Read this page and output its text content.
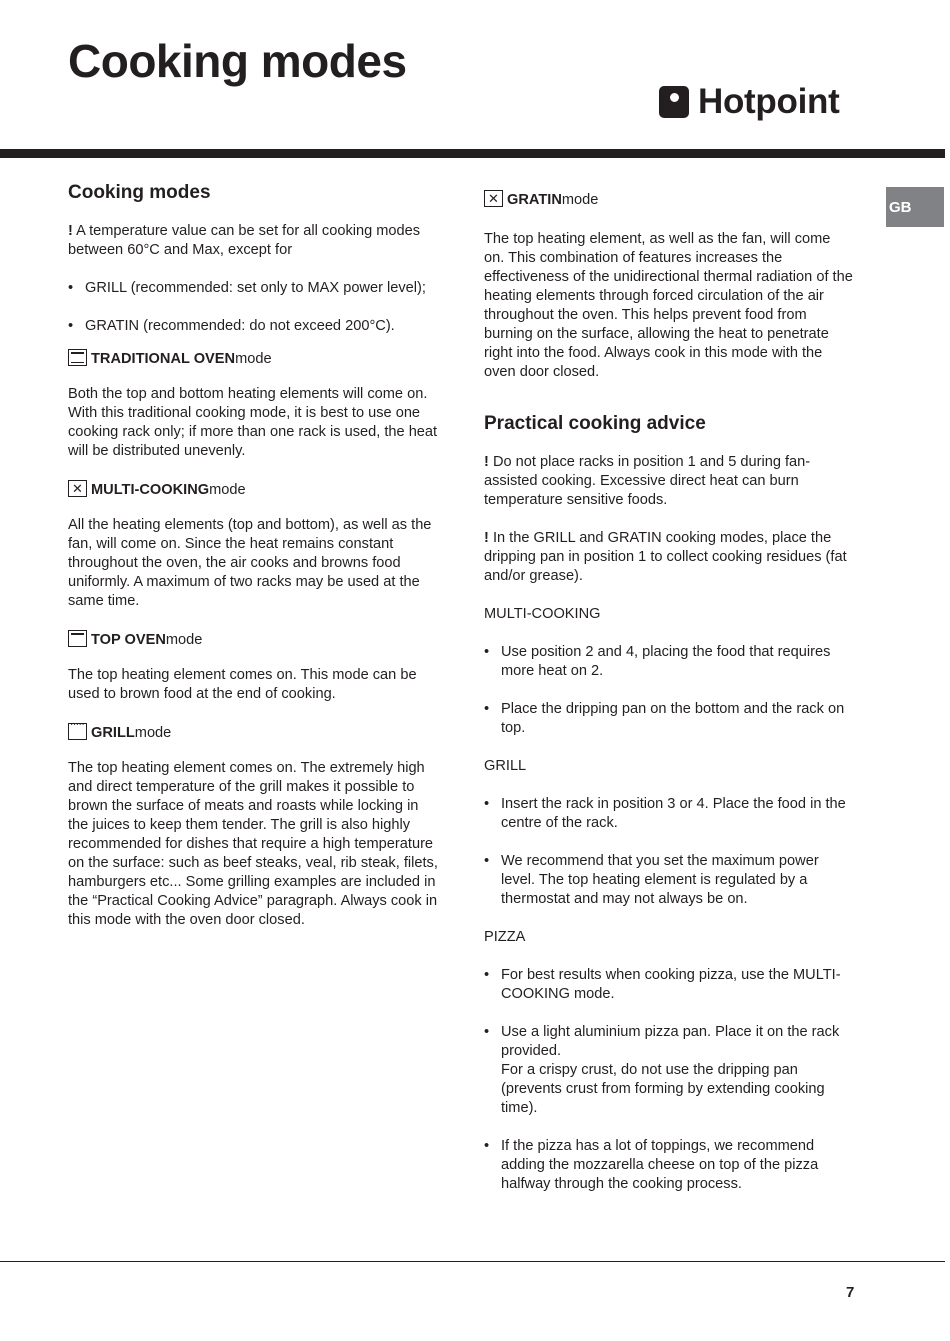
Cooking modes
Hotpoint
GB
Cooking modes

! A temperature value can be set for all cooking modes between 60°C and Max, except for

• GRILL (recommended: set only to MAX power level);
• GRATIN (recommended: do not exceed 200°C).
TRADITIONAL OVEN mode

Both the top and bottom heating elements will come on. With this traditional cooking mode, it is best to use one cooking rack only; if more than one rack is used, the heat will be distributed unevenly.

✕ MULTI-COOKING mode

All the heating elements (top and bottom), as well as the fan, will come on. Since the heat remains constant throughout the oven, the air cooks and browns food uniformly. A maximum of two racks may be used at the same time.

TOP OVEN mode

The top heating element comes on. This mode can be used to brown food at the end of cooking.

·····
GRILL mode

The top heating element comes on. The extremely high and direct temperature of the grill makes it possible to brown the surface of meats and roasts while locking in the juices to keep them tender. The grill is also highly recommended for dishes that require a high temperature on the surface: such as beef steaks, veal, rib steak, filets, hamburgers etc... Some grilling examples are included in the “Practical Cooking Advice” paragraph. Always cook in this mode with the oven door closed.

✕ GRATIN mode

The top heating element, as well as the fan, will come on. This combination of features increases the effectiveness of the unidirectional thermal radiation of the heating elements through forced circulation of the air throughout the oven. This helps prevent food from burning on the surface, allowing the heat to penetrate right into the food. Always cook in this mode with the oven door closed.

Practical cooking advice

! Do not place racks in position 1 and 5 during fan-assisted cooking. Excessive direct heat can burn temperature sensitive foods.

! In the GRILL and GRATIN cooking modes, place the dripping pan in position 1 to collect cooking residues (fat and/or grease).

MULTI-COOKING

• Use position 2 and 4, placing the food that requires more heat on 2.
• Place the dripping pan on the bottom and the rack on top.

GRILL

• Insert the rack in position 3 or 4. Place the food in the centre of the rack.
• We recommend that you set the maximum power level. The top heating element is regulated by a thermostat and may not always be on.

PIZZA

• For best results when cooking pizza, use the MULTI-COOKING mode.
• Use a light aluminium pizza pan. Place it on the rack provided.
For a crispy crust, do not use the dripping pan (prevents crust from forming by extending cooking time).
• If the pizza has a lot of toppings, we recommend adding the mozzarella cheese on top of the pizza halfway through the cooking process.
7
